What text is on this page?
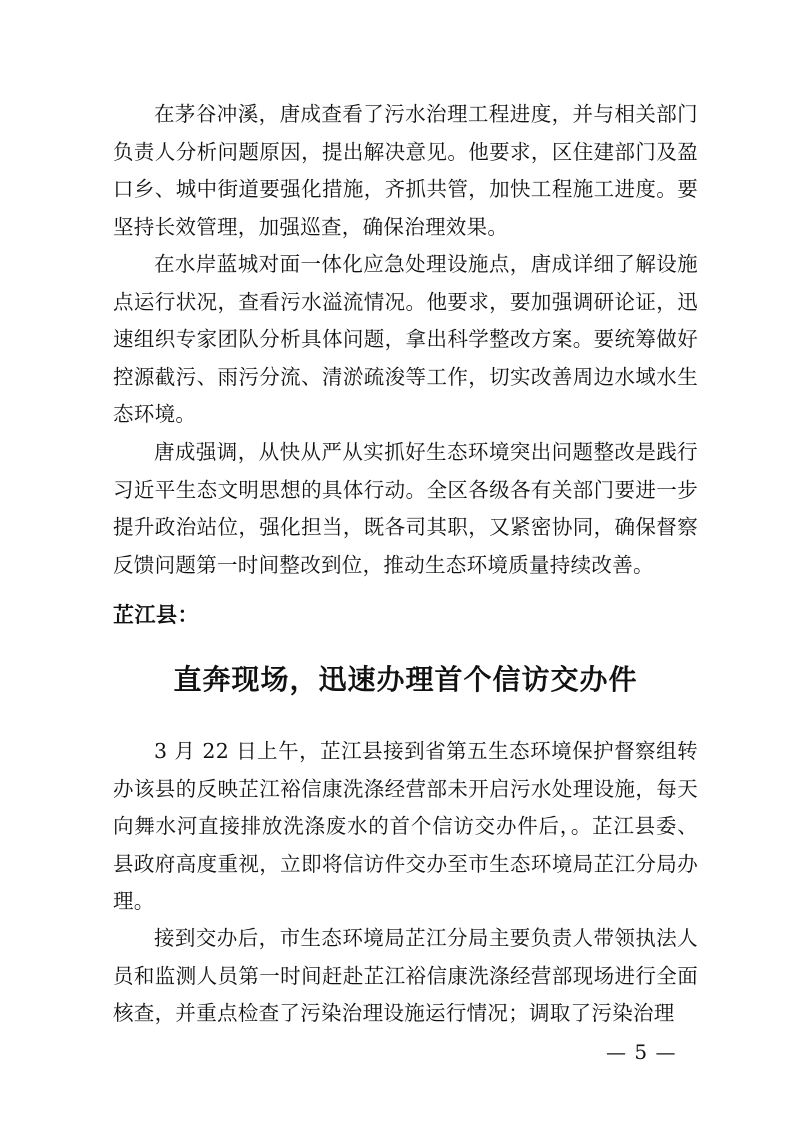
在茅谷冲溪，唐成查看了污水治理工程进度，并与相关部门负责人分析问题原因，提出解决意见。他要求，区住建部门及盈口乡、城中街道要强化措施，齐抓共管，加快工程施工进度。要坚持长效管理，加强巡查，确保治理效果。

在水岸蓝城对面一体化应急处理设施点，唐成详细了解设施点运行状况，查看污水溢流情况。他要求，要加强调研论证，迅速组织专家团队分析具体问题，拿出科学整改方案。要统筹做好控源截污、雨污分流、清淤疏浚等工作，切实改善周边水域水生态环境。

唐成强调，从快从严从实抓好生态环境突出问题整改是践行习近平生态文明思想的具体行动。全区各级各有关部门要进一步提升政治站位，强化担当，既各司其职，又紧密协同，确保督察反馈问题第一时间整改到位，推动生态环境质量持续改善。

芷江县：

直奔现场，迅速办理首个信访交办件

3 月 22 日上午，芷江县接到省第五生态环境保护督察组转办该县的反映芷江裕信康洗涤经营部未开启污水处理设施，每天向舞水河直接排放洗涤废水的首个信访交办件后，。芷江县委、县政府高度重视，立即将信访件交办至市生态环境局芷江分局办理。

接到交办后，市生态环境局芷江分局主要负责人带领执法人员和监测人员第一时间赶赴芷江裕信康洗涤经营部现场进行全面核查，并重点检查了污染治理设施运行情况；调取了污染治理

— 5 —
